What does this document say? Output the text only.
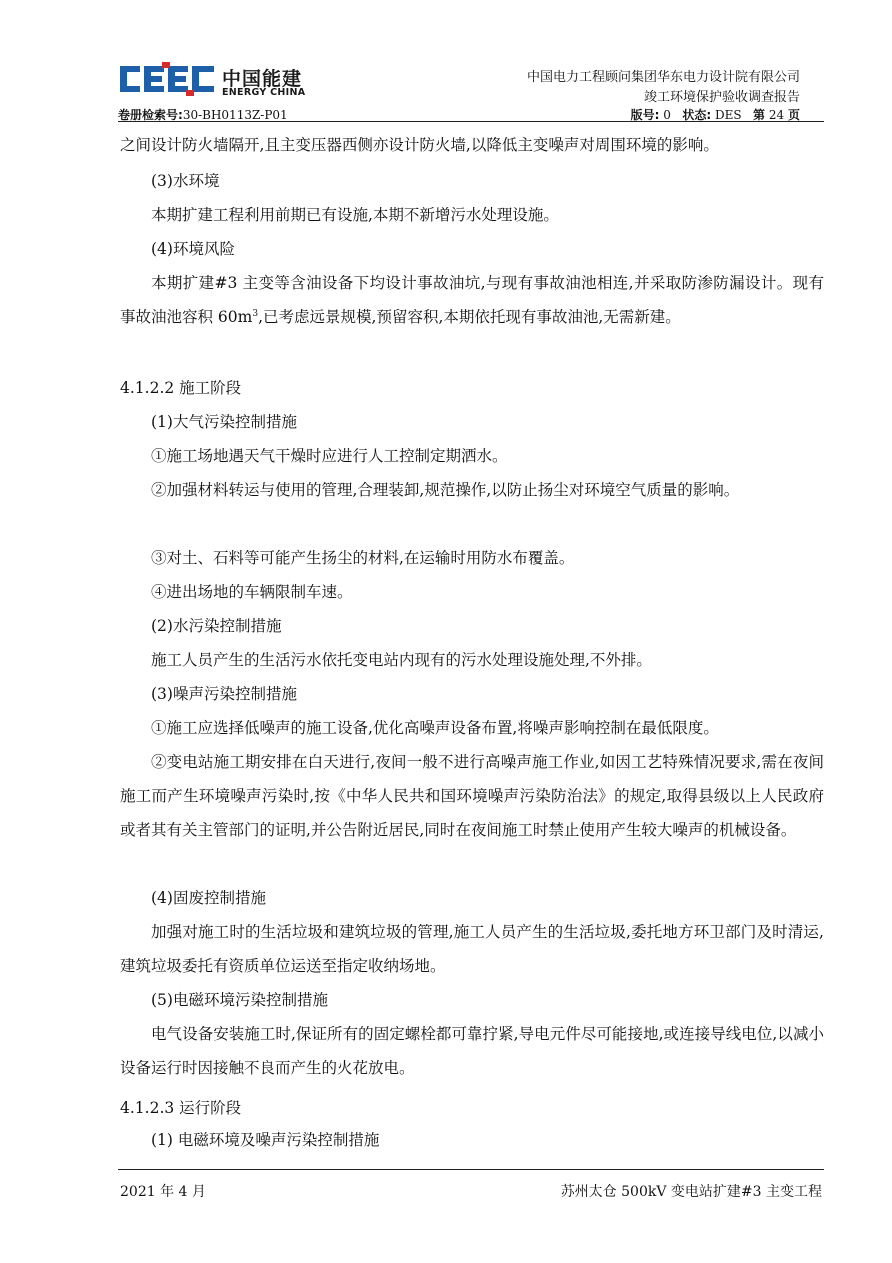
中国能建
ENERGY CHINA
中国电力工程顾问集团华东电力设计院有限公司
竣工环境保护验收调查报告
卷册检索号:30-BH0113Z-P01	版号: 0 状态: DES 第 24 页
之间设计防火墙隔开,且主变压器西侧亦设计防火墙,以降低主变噪声对周围环境的影响。
(3)水环境
本期扩建工程利用前期已有设施,本期不新增污水处理设施。
(4)环境风险
本期扩建#3 主变等含油设备下均设计事故油坑,与现有事故油池相连,并采取防渗防漏设计。现有事故油池容积 $60m^3$,已考虑远景规模,预留容积,本期依托现有事故油池,无需新建。
4.1.2.2 施工阶段
(1)大气污染控制措施
①施工场地遇天气干燥时应进行人工控制定期洒水。
②加强材料转运与使用的管理,合理装卸,规范操作,以防止扬尘对环境空气质量的影响。
③对土、石料等可能产生扬尘的材料,在运输时用防水布覆盖。
④进出场地的车辆限制车速。
(2)水污染控制措施
施工人员产生的生活污水依托变电站内现有的污水处理设施处理,不外排。
(3)噪声污染控制措施
①施工应选择低噪声的施工设备,优化高噪声设备布置,将噪声影响控制在最低限度。
②变电站施工期安排在白天进行,夜间一般不进行高噪声施工作业,如因工艺特殊情况要求,需在夜间施工而产生环境噪声污染时,按《中华人民共和国环境噪声污染防治法》的规定,取得县级以上人民政府或者其有关主管部门的证明,并公告附近居民,同时在夜间施工时禁止使用产生较大噪声的机械设备。
(4)固废控制措施
加强对施工时的生活垃圾和建筑垃圾的管理,施工人员产生的生活垃圾,委托地方环卫部门及时清运,建筑垃圾委托有资质单位运送至指定收纳场地。
(5)电磁环境污染控制措施
电气设备安装施工时,保证所有的固定螺栓都可靠拧紧,导电元件尽可能接地,或连接导线电位,以减小设备运行时因接触不良而产生的火花放电。
4.1.2.3 运行阶段
(1) 电磁环境及噪声污染控制措施
2021 年 4 月	苏州太仓 500kV 变电站扩建#3 主变工程
